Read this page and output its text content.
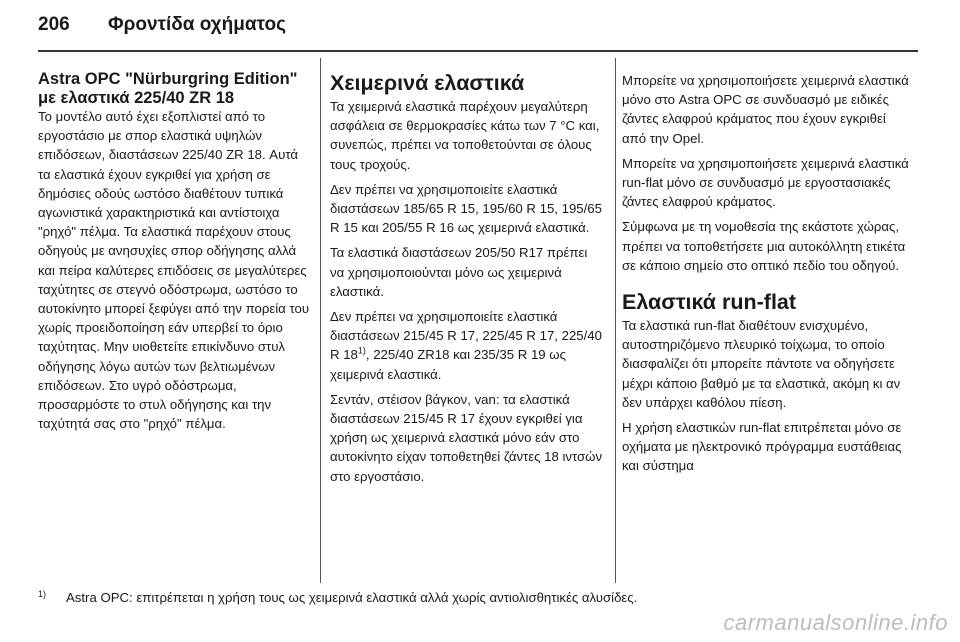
206 Φροντίδα οχήματος
Astra OPC "Nürburgring Edition" με ελαστικά 225/40 ZR 18

Το μοντέλο αυτό έχει εξοπλιστεί από το εργοστάσιο με σπορ ελαστικά υψηλών επιδόσεων, διαστάσεων 225/40 ZR 18. Αυτά τα ελαστικά έχουν εγκριθεί για χρήση σε δημόσιες οδούς ωστόσο διαθέτουν τυπικά αγωνιστικά χαρακτηριστικά και αντίστοιχα "ρηχό" πέλμα. Τα ελαστικά παρέχουν στους οδηγούς με ανησυχίες σπορ οδήγησης αλλά και πείρα καλύτερες επιδόσεις σε μεγαλύτερες ταχύτητες σε στεγνό οδόστρωμα, ωστόσο το αυτοκίνητο μπορεί ξεφύγει από την πορεία του χωρίς προειδοποίηση εάν υπερβεί το όριο ταχύτητας. Μην υιοθετείτε επικίνδυνο στυλ οδήγησης λόγω αυτών των βελτιωμένων επιδόσεων. Στο υγρό οδόστρωμα, προσαρμόστε το στυλ οδήγησης και την ταχύτητά σας στο "ρηχό" πέλμα.

Χειμερινά ελαστικά

Τα χειμερινά ελαστικά παρέχουν μεγαλύτερη ασφάλεια σε θερμοκρασίες κάτω των 7 °C και, συνεπώς, πρέπει να τοποθετούνται σε όλους τους τροχούς.

Δεν πρέπει να χρησιμοποιείτε ελαστικά διαστάσεων 185/65 R 15, 195/60 R 15, 195/65 R 15 και 205/55 R 16 ως χειμερινά ελαστικά.

Τα ελαστικά διαστάσεων 205/50 R17 πρέπει να χρησιμοποιούνται μόνο ως χειμερινά ελαστικά.

Δεν πρέπει να χρησιμοποιείτε ελαστικά διαστάσεων 215/45 R 17, 225/45 R 17, 225/40 R 18$^{1)}$, 225/40 ZR18 και 235/35 R 19 ως χειμερινά ελαστικά.

Σεντάν, στέισον βάγκον, van: τα ελαστικά διαστάσεων 215/45 R 17 έχουν εγκριθεί για χρήση ως χειμερινά ελαστικά μόνο εάν στο αυτοκίνητο είχαν τοποθετηθεί ζάντες 18 ιντσών στο εργοστάσιο.

Μπορείτε να χρησιμοποιήσετε χειμερινά ελαστικά μόνο στο Astra OPC σε συνδυασμό με ειδικές ζάντες ελαφρού κράματος που έχουν εγκριθεί από την Opel.

Μπορείτε να χρησιμοποιήσετε χειμερινά ελαστικά run-flat μόνο σε συνδυασμό με εργοστασιακές ζάντες ελαφρού κράματος.

Σύμφωνα με τη νομοθεσία της εκάστοτε χώρας, πρέπει να τοποθετήσετε μια αυτοκόλλητη ετικέτα σε κάποιο σημείο στο οπτικό πεδίο του οδηγού.

Ελαστικά run-flat

Τα ελαστικά run-flat διαθέτουν ενισχυμένο, αυτοστηριζόμενο πλευρικό τοίχωμα, το οποίο διασφαλίζει ότι μπορείτε πάντοτε να οδηγήσετε μέχρι κάποιο βαθμό με τα ελαστικά, ακόμη κι αν δεν υπάρχει καθόλου πίεση.

Η χρήση ελαστικών run-flat επιτρέπεται μόνο σε οχήματα με ηλεκτρονικό πρόγραμμα ευστάθειας και σύστημα

1) Astra OPC: επιτρέπεται η χρήση τους ως χειμερινά ελαστικά αλλά χωρίς αντιολισθητικές αλυσίδες.
carmanualsonline.info
